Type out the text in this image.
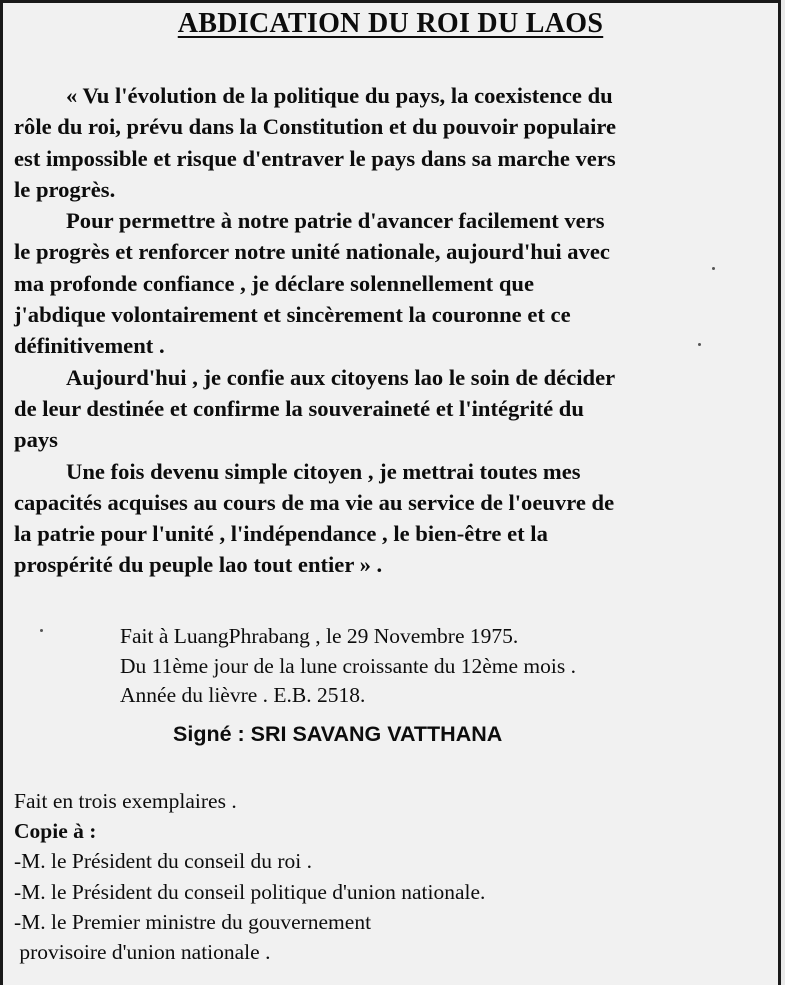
ABDICATION DU ROI DU LAOS

« Vu l'évolution de la politique du pays, la coexistence du
rôle du roi, prévu dans la Constitution et du pouvoir populaire
est impossible et risque d'entraver le pays dans sa marche vers
le progrès.

Pour permettre à notre patrie d'avancer facilement vers
le progrès et renforcer notre unité nationale, aujourd'hui avec
ma profonde confiance , je déclare solennellement que
j'abdique volontairement et sincèrement la couronne et ce
définitivement .

Aujourd'hui , je confie aux citoyens lao le soin de décider
de leur destinée et confirme la souveraineté et l'intégrité du
pays

Une fois devenu simple citoyen , je mettrai toutes mes
capacités acquises au cours de ma vie au service de l'oeuvre de
la patrie pour l'unité , l'indépendance , le bien-être et la
prospérité du peuple lao tout entier » .

Fait à LuangPhrabang , le 29 Novembre 1975.
Du 11ème jour de la lune croissante du 12ème mois .
Année du lièvre . E.B. 2518.
Signé : SRI SAVANG VATTHANA
Fait en trois exemplaires .
Copie à :
-M. le Président du conseil du roi .
-M. le Président du conseil politique d'union nationale.
-M. le Premier ministre du gouvernement
provisoire d'union nationale .
